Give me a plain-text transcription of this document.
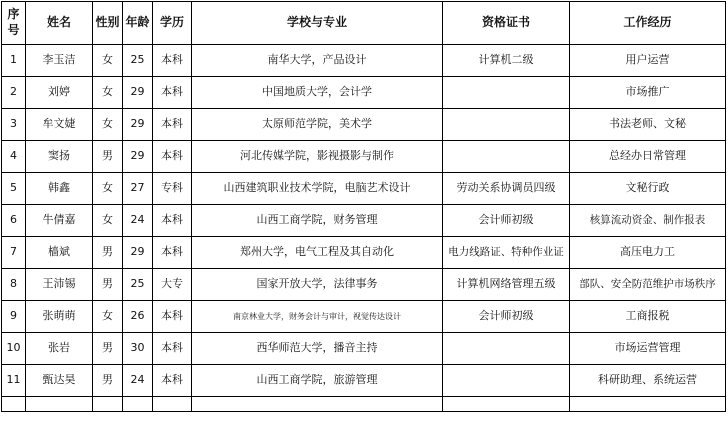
序号	姓名	性别	年龄	学历	学校与专业	资格证书	工作经历
1	李玉洁	女	25	本科	南华大学，产品设计	计算机二级	用户运营
2	刘婷	女	29	本科	中国地质大学，会计学		市场推广
3	牟文婕	女	29	本科	太原师范学院，美术学		书法老师、文秘
4	窦扬	男	29	本科	河北传媒学院，影视摄影与制作		总经办日常管理
5	韩鑫	女	27	专科	山西建筑职业技术学院，电脑艺术设计	劳动关系协调员四级	文秘行政
6	牛倩嘉	女	24	本科	山西工商学院，财务管理	会计师初级	核算流动资金、制作报表
7	樯斌	男	29	本科	郑州大学，电气工程及其自动化	电力线路证、特种作业证	高压电力工
8	王沛锡	男	25	大专	国家开放大学，法律事务	计算机网络管理五级	部队、安全防范维护市场秩序
9	张萌萌	女	26	本科	南京林业大学，财务会计与审计，视觉传达设计	会计师初级	工商报税
10	张岩	男	30	本科	西华师范大学，播音主持		市场运营管理
11	甄达昊	男	24	本科	山西工商学院，旅游管理		科研助理、系统运营
